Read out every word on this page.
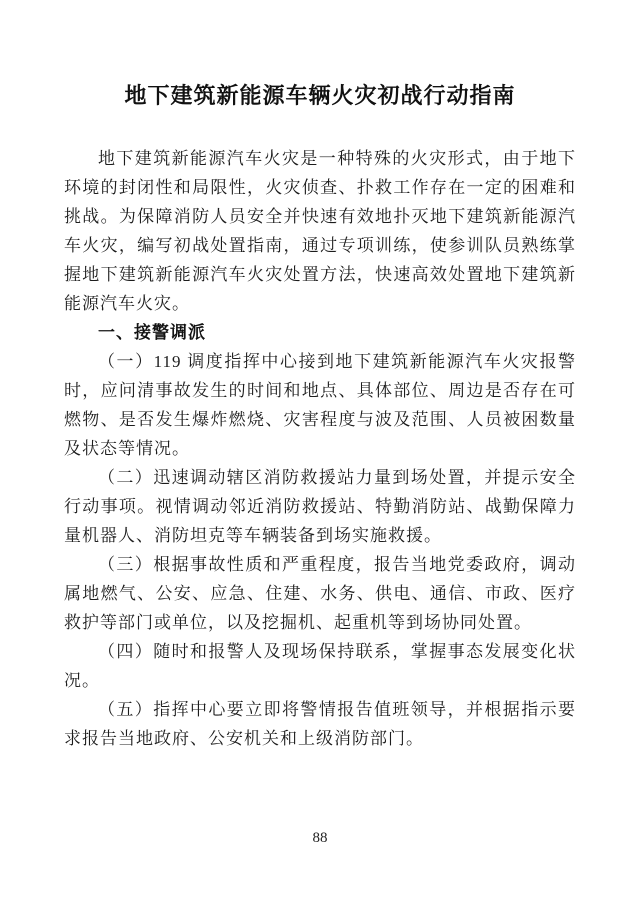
地下建筑新能源车辆火灾初战行动指南

地下建筑新能源汽车火灾是一种特殊的火灾形式，由于地下环境的封闭性和局限性，火灾侦查、扑救工作存在一定的困难和挑战。为保障消防人员安全并快速有效地扑灭地下建筑新能源汽车火灾，编写初战处置指南，通过专项训练，使参训队员熟练掌握地下建筑新能源汽车火灾处置方法，快速高效处置地下建筑新能源汽车火灾。

一、接警调派

（一）119 调度指挥中心接到地下建筑新能源汽车火灾报警时，应问清事故发生的时间和地点、具体部位、周边是否存在可燃物、是否发生爆炸燃烧、灾害程度与波及范围、人员被困数量及状态等情况。

（二）迅速调动辖区消防救援站力量到场处置，并提示安全行动事项。视情调动邻近消防救援站、特勤消防站、战勤保障力量机器人、消防坦克等车辆装备到场实施救援。

（三）根据事故性质和严重程度，报告当地党委政府，调动属地燃气、公安、应急、住建、水务、供电、通信、市政、医疗救护等部门或单位，以及挖掘机、起重机等到场协同处置。

（四）随时和报警人及现场保持联系，掌握事态发展变化状况。

（五）指挥中心要立即将警情报告值班领导，并根据指示要求报告当地政府、公安机关和上级消防部门。

88
